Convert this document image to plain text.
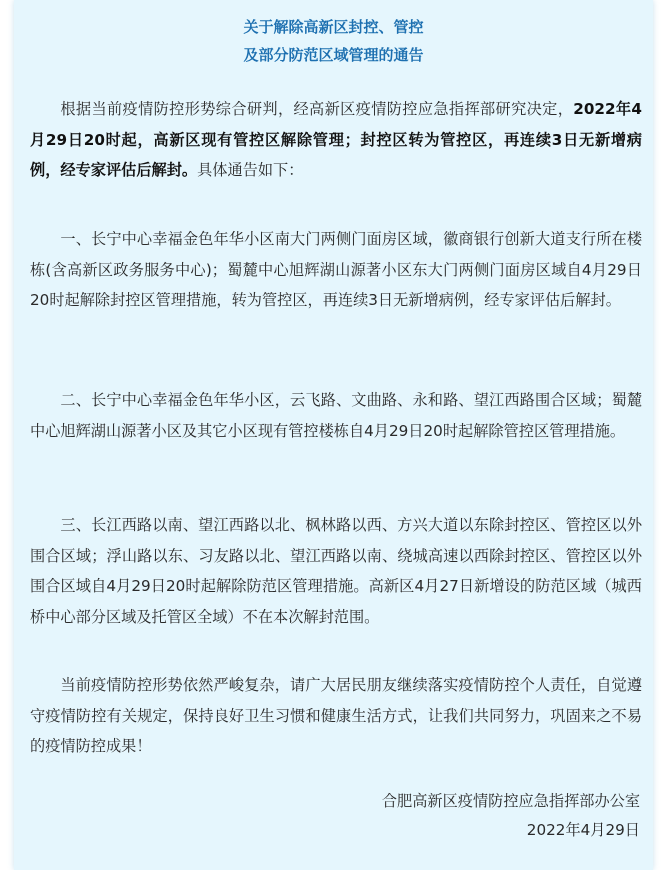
关于解除高新区封控、管控
及部分防范区域管理的通告

根据当前疫情防控形势综合研判，经高新区疫情防控应急指挥部研究决定，2022年4月29日20时起，高新区现有管控区解除管理；封控区转为管控区，再连续3日无新增病例，经专家评估后解封。具体通告如下：

一、长宁中心幸福金色年华小区南大门两侧门面房区域，徽商银行创新大道支行所在楼栋(含高新区政务服务中心)；蜀麓中心旭辉湖山源著小区东大门两侧门面房区域自4月29日20时起解除封控区管理措施，转为管控区，再连续3日无新增病例，经专家评估后解封。

二、长宁中心幸福金色年华小区，云飞路、文曲路、永和路、望江西路围合区域；蜀麓中心旭辉湖山源著小区及其它小区现有管控楼栋自4月29日20时起解除管控区管理措施。

三、长江西路以南、望江西路以北、枫林路以西、方兴大道以东除封控区、管控区以外围合区域；浮山路以东、习友路以北、望江西路以南、绕城高速以西除封控区、管控区以外围合区域自4月29日20时起解除防范区管理措施。高新区4月27日新增设的防范区域（城西桥中心部分区域及托管区全域）不在本次解封范围。

当前疫情防控形势依然严峻复杂，请广大居民朋友继续落实疫情防控个人责任，自觉遵守疫情防控有关规定，保持良好卫生习惯和健康生活方式，让我们共同努力，巩固来之不易的疫情防控成果！

合肥高新区疫情防控应急指挥部办公室
2022年4月29日
